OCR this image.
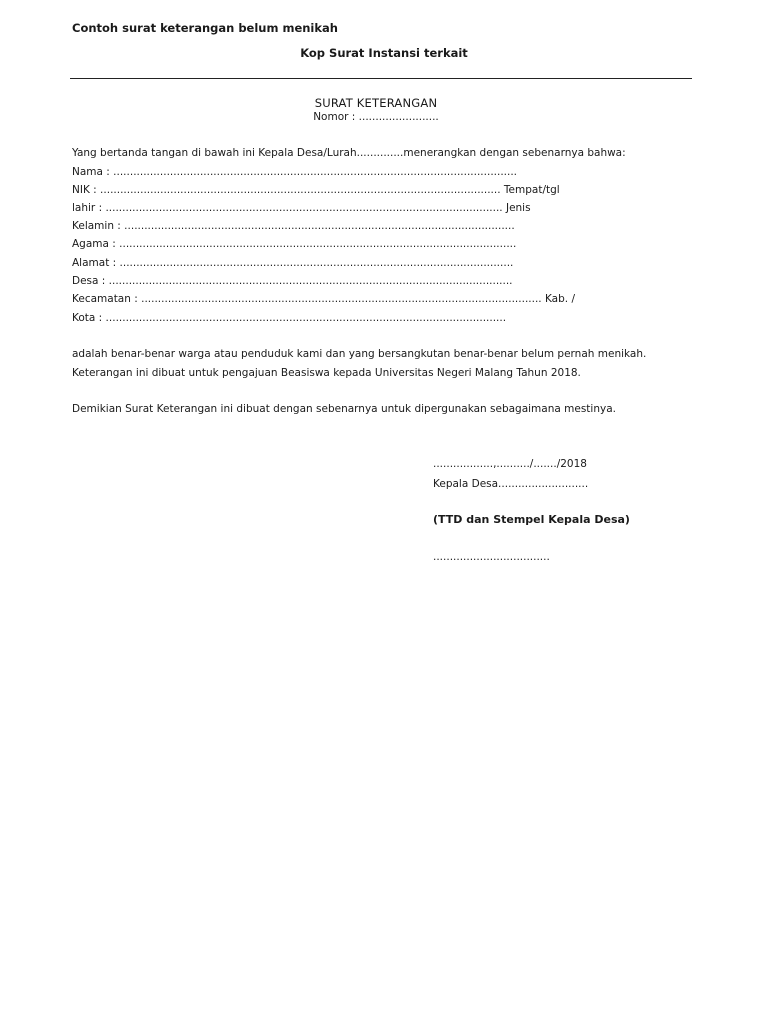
Contoh surat keterangan belum menikah
Kop Surat Instansi terkait
SURAT KETERANGAN
Nomor : ........................
Yang bertanda tangan di bawah ini Kepala Desa/Lurah..............menerangkan dengan sebenarnya bahwa:
Nama : .........................................................................................................................
NIK : ........................................................................................................................ Tempat/tgl
lahir : ....................................................................................................................... Jenis
Kelamin : .....................................................................................................................
Agama : .......................................................................................................................
Alamat : ......................................................................................................................
Desa : .........................................................................................................................
Kecamatan : ........................................................................................................................ Kab. /
Kota : ........................................................................................................................
adalah benar-benar warga atau penduduk kami dan yang bersangkutan benar-benar belum pernah menikah.
Keterangan ini dibuat untuk pengajuan Beasiswa kepada Universitas Negeri Malang Tahun 2018.
Demikian Surat Keterangan ini dibuat dengan sebenarnya untuk dipergunakan sebagaimana mestinya.
..................,........../......./2018
Kepala Desa...........................
(TTD dan Stempel Kepala Desa)
...................................
